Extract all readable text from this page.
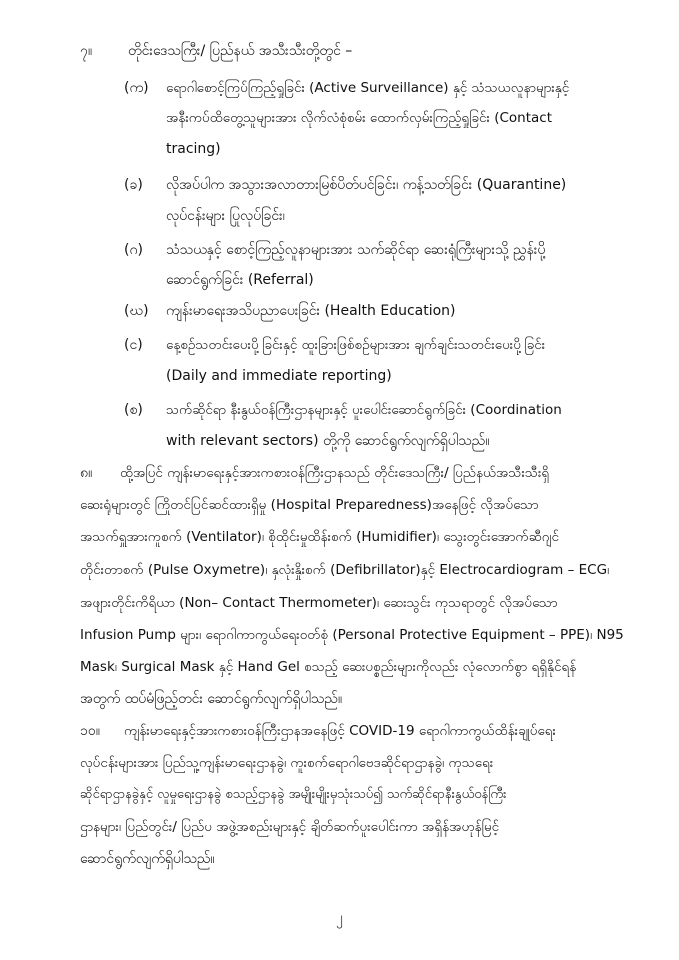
၇။	တိုင်းဒေသကြီး/ ပြည်နယ် အသီးသီးတို့တွင် –
(က) ရောဂါစောင့်ကြပ်ကြည့်ရှုခြင်း (Active Surveillance) နှင့် သံသယလူနာများနှင့်
အနီးကပ်ထိတွေ့သူများအား လိုက်လံစုံစမ်း ထောက်လှမ်းကြည့်ရှုခြင်း (Contact
tracing)
(ခ) လိုအပ်ပါက အသွားအလာတားမြစ်ပိတ်ပင်ခြင်း၊ ကန့်သတ်ခြင်း (Quarantine)
လုပ်ငန်းများ ပြုလုပ်ခြင်း၊
(ဂ) သံသယနှင့် စောင့်ကြည့်လူနာများအား သက်ဆိုင်ရာ ဆေးရုံကြီးများသို့ ညွှန်းပို့
ဆောင်ရွက်ခြင်း (Referral)
(ဃ) ကျန်းမာရေးအသိပညာပေးခြင်း (Health Education)
(င) နေ့စဉ်သတင်းပေးပို့ခြင်းနှင့် ထူးခြားဖြစ်စဉ်များအား ချက်ချင်းသတင်းပေးပို့ခြင်း
(Daily and immediate reporting)
(စ) သက်ဆိုင်ရာ နီးနွယ်ဝန်ကြီးဌာနများနှင့် ပူးပေါင်းဆောင်ရွက်ခြင်း (Coordination
with relevant sectors) တို့ကို ဆောင်ရွက်လျက်ရှိပါသည်။
၈။ ထို့အပြင် ကျန်းမာရေးနှင့်အားကစားဝန်ကြီးဌာနသည် တိုင်းဒေသကြီး/ ပြည်နယ်အသီးသီးရှိ
ဆေးရုံများတွင် ကြိုတင်ပြင်ဆင်ထားရှိမှု (Hospital Preparedness)အနေဖြင့် လိုအပ်သော
အသက်ရှူအားကူစက် (Ventilator)၊ စိုထိုင်းမှုထိန်းစက် (Humidifier)၊ သွေးတွင်းအောက်ဆီဂျင်
တိုင်းတာစက် (Pulse Oxymetre)၊ နှလုံးနှိုးစက် (Defibrillator)နှင့် Electrocardiogram – ECG၊
အဖျားတိုင်းကိရိယာ (Non– Contact Thermometer)၊ ဆေးသွင်း ကုသရာတွင် လိုအပ်သော
Infusion Pump များ၊ ရောဂါကာကွယ်ရေးဝတ်စုံ (Personal Protective Equipment – PPE)၊ N95
Mask၊ Surgical Mask နှင့် Hand Gel စသည့် ဆေးပစ္စည်းများကိုလည်း လုံလောက်စွာ ရရှိနိုင်ရန်
အတွက် ထပ်မံဖြည့်တင်း ဆောင်ရွက်လျက်ရှိပါသည်။
၁၀။ ကျန်းမာရေးနှင့်အားကစားဝန်ကြီးဌာနအနေဖြင့် COVID-19 ရောဂါကာကွယ်ထိန်းချုပ်ရေး
လုပ်ငန်းများအား ပြည်သူ့ကျန်းမာရေးဌာနခွဲ၊ ကူးစက်ရောဂါဗေဒဆိုင်ရာဌာနခွဲ၊ ကုသရေး
ဆိုင်ရာဌာနခွဲနှင့် လူမှုရေးဌာနခွဲ စသည့်ဌာနခွဲ အမျိုးမျိုးမှသုံးသပ်၍ သက်ဆိုင်ရာနီးနွယ်ဝန်ကြီး
ဌာနများ၊ ပြည်တွင်း/ ပြည်ပ အဖွဲ့အစည်းများနှင့် ချိတ်ဆက်ပူးပေါင်းကာ အရှိန်အဟုန်မြင့်
ဆောင်ရွက်လျက်ရှိပါသည်။
၂
